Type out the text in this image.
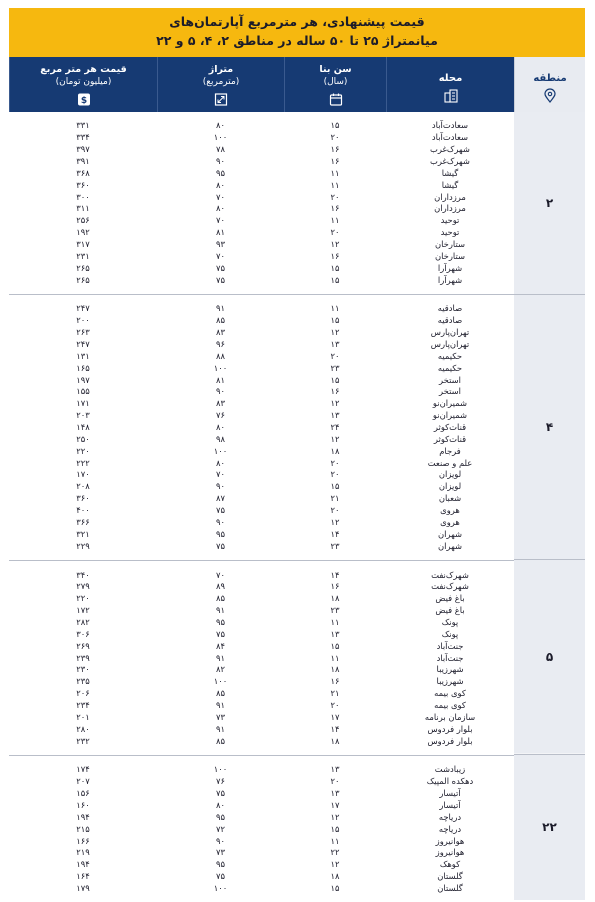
قیمت پیشنهادی، هر مترمربع آپارتمان‌های
میانمتراژ ۲۵ تا ۵۰ ساله در مناطق ۲، ۴، ۵ و ۲۲
قیمت هر متر مربع
(میلیون تومان)
$
متراژ
(مترمربع)
سن بنا
(سال)	محله	منطقه

۳۳۱	۸۰	۱۵	سعادت‌آباد
۳۳۴	۱۰۰	۲۰	سعادت‌آباد
۳۹۷	۷۸	۱۶	شهرک‌غرب
۳۹۱	۹۰	۱۶	شهرک‌غرب
۳۶۸	۹۵	۱۱	گیشا
۳۶۰	۸۰	۱۱	گیشا
۳۰۰	۷۰	۲۰	مرزداران
۳۱۱	۸۰	۱۶	مرزداران
۲۵۶	۷۰	۱۱	توحید
۱۹۲	۸۱	۲۰	توحید
۳۱۷	۹۳	۱۲	ستارخان
۲۳۱	۷۰	۱۶	ستارخان
۲۶۵	۷۵	۱۵	شهرآرا
۲۶۵	۷۵	۱۵	شهرآرا

۲۴۷	۹۱	۱۱	صادقیه
۲۰۰	۸۵	۱۵	صادقیه
۲۶۳	۸۳	۱۲	تهران‌پارس
۲۴۷	۹۶	۱۳	تهران‌پارس
۱۳۱	۸۸	۲۰	حکیمیه
۱۶۵	۱۰۰	۲۳	حکیمیه
۱۹۷	۸۱	۱۵	استخر
۱۵۵	۹۰	۱۶	استخر
۱۷۱	۸۳	۱۲	شمیران‌نو
۲۰۳	۷۶	۱۳	شمیران‌نو
۱۴۸	۸۰	۲۴	قنات‌کوثر
۲۵۰	۹۸	۱۲	قنات‌کوثر
۲۲۰	۱۰۰	۱۸	فرجام
۲۲۲	۸۰	۲۰	علم و صنعت
۱۷۰	۷۰	۲۰	لویزان
۲۰۸	۹۰	۱۵	لویزان
۳۶۰	۸۷	۲۱	شعبان
۴۰۰	۷۵	۲۰	هروی
۳۶۶	۹۰	۱۲	هروی
۳۲۱	۹۵	۱۴	شهران
۲۲۹	۷۵	۲۳	شهران

۳۴۰	۷۰	۱۴	شهرک‌نفت
۲۷۹	۸۹	۱۶	شهرک‌نفت
۲۲۰	۸۵	۱۸	باغ فیض
۱۷۲	۹۱	۲۳	باغ فیض
۲۸۲	۹۵	۱۱	پونک
۳۰۶	۷۵	۱۳	پونک
۲۶۹	۸۴	۱۵	جنت‌آباد
۲۳۹	۹۱	۱۱	جنت‌آباد
۲۳۰	۸۲	۱۸	شهرزیبا
۲۳۵	۱۰۰	۱۶	شهرزیبا
۲۰۶	۸۵	۲۱	کوی بیمه
۲۳۴	۹۱	۲۰	کوی بیمه
۲۰۱	۷۳	۱۷	سازمان برنامه
۲۸۰	۹۱	۱۴	بلوار فردوس
۲۳۲	۸۵	۱۸	بلوار فردوس

۱۷۴	۱۰۰	۱۳	زیبادشت
۲۰۷	۷۶	۲۰	دهکده المپیک
۱۵۶	۷۵	۱۳	آتیسار
۱۶۰	۸۰	۱۷	آتیسار
۱۹۴	۹۵	۱۲	دریاچه
۲۱۵	۷۲	۱۵	دریاچه
۱۶۶	۹۰	۱۱	هوانیروز
۲۱۹	۷۳	۲۲	هوانیروز
۱۹۴	۹۵	۱۲	کوهک
۱۶۴	۷۵	۱۸	گلستان
۱۷۹	۱۰۰	۱۵	گلستان

۲
۴
۵
۲۲
